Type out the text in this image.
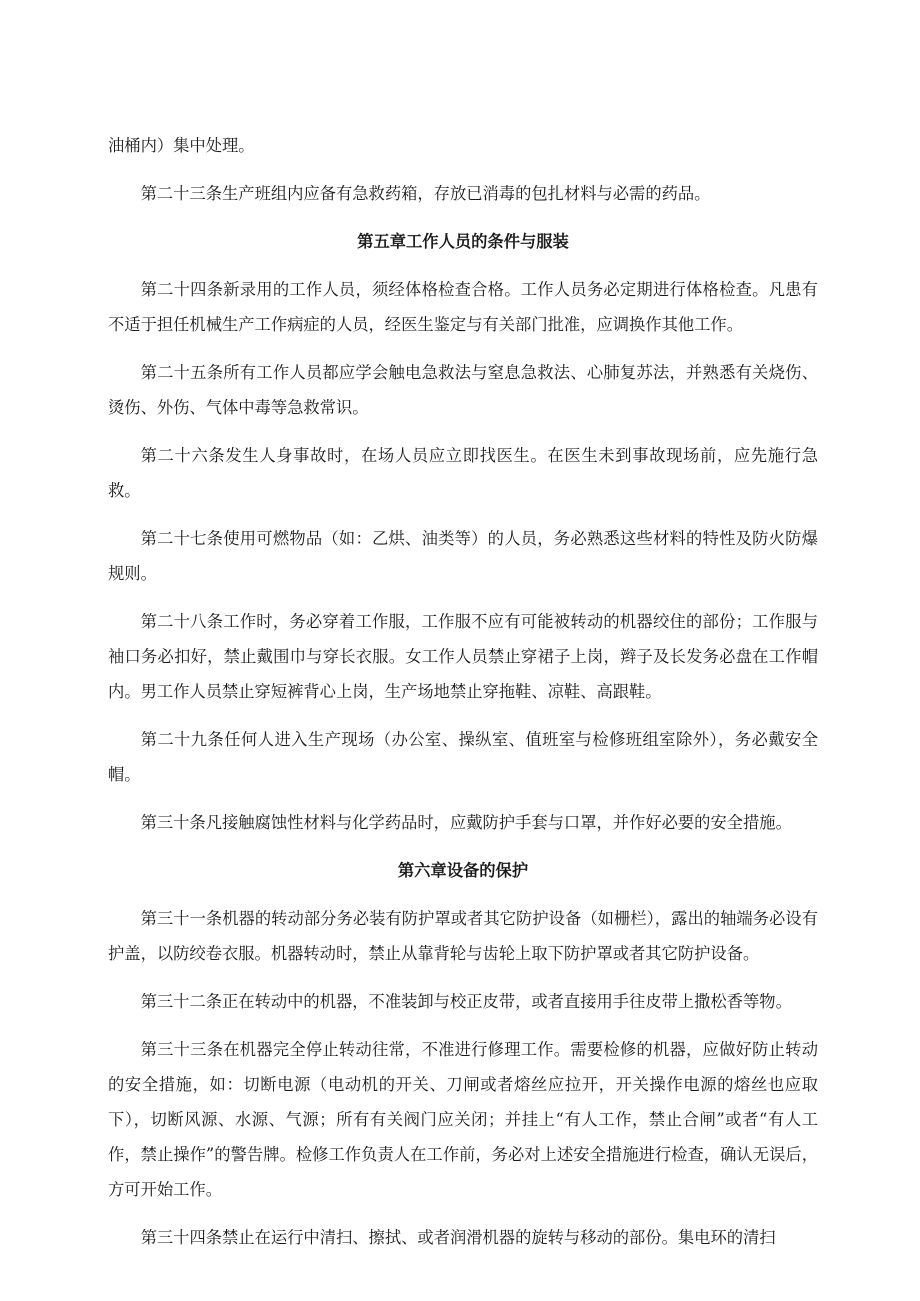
油桶内）集中处理。

第二十三条生产班组内应备有急救药箱，存放已消毒的包扎材料与必需的药品。

第五章工作人员的条件与服装

第二十四条新录用的工作人员，须经体格检查合格。工作人员务必定期进行体格检查。凡患有不适于担任机械生产工作病症的人员，经医生鉴定与有关部门批准，应调换作其他工作。

第二十五条所有工作人员都应学会触电急救法与窒息急救法、心肺复苏法，并熟悉有关烧伤、烫伤、外伤、气体中毒等急救常识。

第二十六条发生人身事故时，在场人员应立即找医生。在医生未到事故现场前，应先施行急救。

第二十七条使用可燃物品（如：乙烘、油类等）的人员，务必熟悉这些材料的特性及防火防爆规则。

第二十八条工作时，务必穿着工作服，工作服不应有可能被转动的机器绞住的部份；工作服与袖口务必扣好，禁止戴围巾与穿长衣服。女工作人员禁止穿裙子上岗，辫子及长发务必盘在工作帽内。男工作人员禁止穿短裤背心上岗，生产场地禁止穿拖鞋、凉鞋、高跟鞋。

第二十九条任何人进入生产现场（办公室、操纵室、值班室与检修班组室除外），务必戴安全帽。

第三十条凡接触腐蚀性材料与化学药品时，应戴防护手套与口罩，并作好必要的安全措施。

第六章设备的保护

第三十一条机器的转动部分务必装有防护罩或者其它防护设备（如栅栏），露出的轴端务必设有护盖，以防绞卷衣服。机器转动时，禁止从靠背轮与齿轮上取下防护罩或者其它防护设备。

第三十二条正在转动中的机器，不准装卸与校正皮带，或者直接用手往皮带上撒松香等物。

第三十三条在机器完全停止转动往常，不准进行修理工作。需要检修的机器，应做好防止转动的安全措施，如：切断电源（电动机的开关、刀闸或者熔丝应拉开，开关操作电源的熔丝也应取下），切断风源、水源、气源；所有有关阀门应关闭；并挂上“有人工作，禁止合闸”或者“有人工作，禁止操作”的警告牌。检修工作负责人在工作前，务必对上述安全措施进行检查，确认无误后，方可开始工作。

第三十四条禁止在运行中清扫、擦拭、或者润滑机器的旋转与移动的部份。集电环的清扫
